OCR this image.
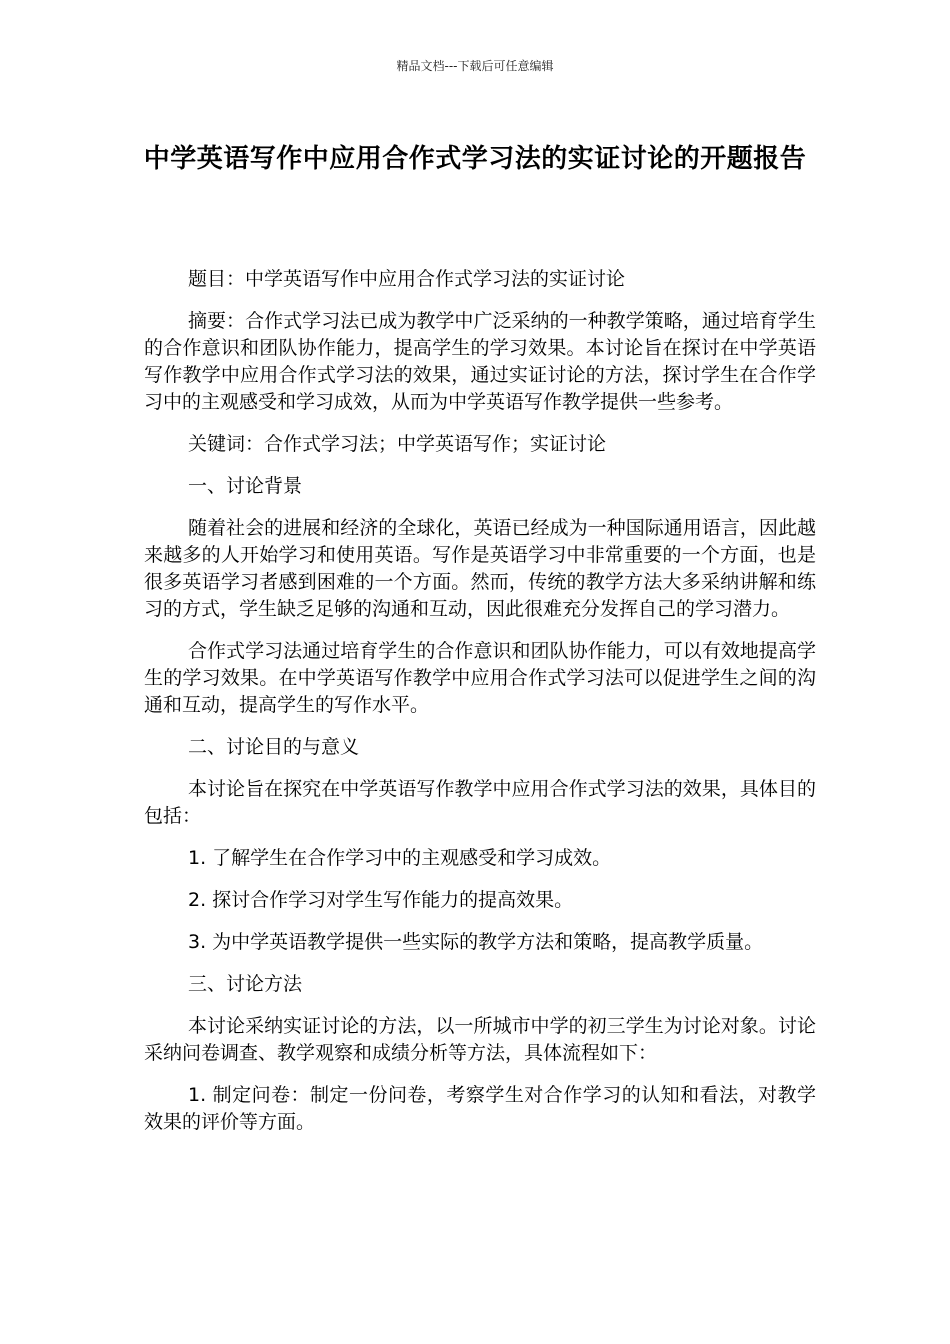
精品文档---下载后可任意编辑
中学英语写作中应用合作式学习法的实证讨论的开题报告

题目：中学英语写作中应用合作式学习法的实证讨论

摘要：合作式学习法已成为教学中广泛采纳的一种教学策略，通过培育学生的合作意识和团队协作能力，提高学生的学习效果。本讨论旨在探讨在中学英语写作教学中应用合作式学习法的效果，通过实证讨论的方法，探讨学生在合作学习中的主观感受和学习成效，从而为中学英语写作教学提供一些参考。

关键词：合作式学习法；中学英语写作；实证讨论

一、讨论背景

随着社会的进展和经济的全球化，英语已经成为一种国际通用语言，因此越来越多的人开始学习和使用英语。写作是英语学习中非常重要的一个方面，也是很多英语学习者感到困难的一个方面。然而，传统的教学方法大多采纳讲解和练习的方式，学生缺乏足够的沟通和互动，因此很难充分发挥自己的学习潜力。

合作式学习法通过培育学生的合作意识和团队协作能力，可以有效地提高学生的学习效果。在中学英语写作教学中应用合作式学习法可以促进学生之间的沟通和互动，提高学生的写作水平。

二、讨论目的与意义

本讨论旨在探究在中学英语写作教学中应用合作式学习法的效果，具体目的包括：

1. 了解学生在合作学习中的主观感受和学习成效。

2. 探讨合作学习对学生写作能力的提高效果。

3. 为中学英语教学提供一些实际的教学方法和策略，提高教学质量。

三、讨论方法

本讨论采纳实证讨论的方法，以一所城市中学的初三学生为讨论对象。讨论采纳问卷调查、教学观察和成绩分析等方法，具体流程如下：

1. 制定问卷：制定一份问卷，考察学生对合作学习的认知和看法，对教学效果的评价等方面。
